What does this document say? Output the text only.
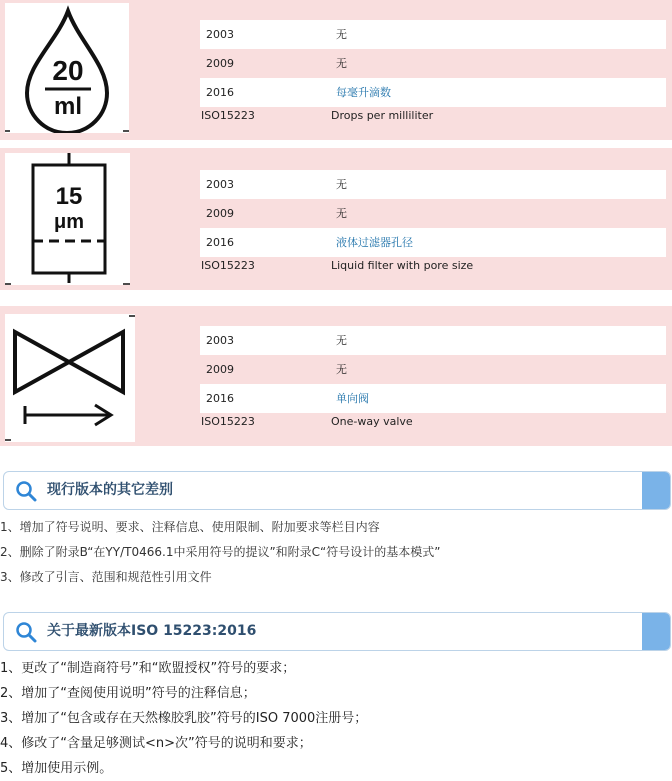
20
ml
2003	无
2009	无
2016	每毫升滴数
ISO15223	Drops per milliliter
15
μm
2003	无
2009	无
2016	液体过滤器孔径
ISO15223	Liquid filter with pore size
2003	无
2009	无
2016	单向阀
ISO15223	One-way valve
现行版本的其它差别
1、增加了符号说明、要求、注释信息、使用限制、附加要求等栏目内容
2、删除了附录B“在YY/T0466.1中采用符号的提议”和附录C“符号设计的基本模式”
3、修改了引言、范围和规范性引用文件
关于最新版本ISO 15223:2016
1、更改了“制造商符号”和“欧盟授权”符号的要求；
2、增加了“查阅使用说明”符号的注释信息；
3、增加了“包含或存在天然橡胶乳胶”符号的ISO 7000注册号；
4、修改了“含量足够测试<n>次”符号的说明和要求；
5、增加使用示例。
